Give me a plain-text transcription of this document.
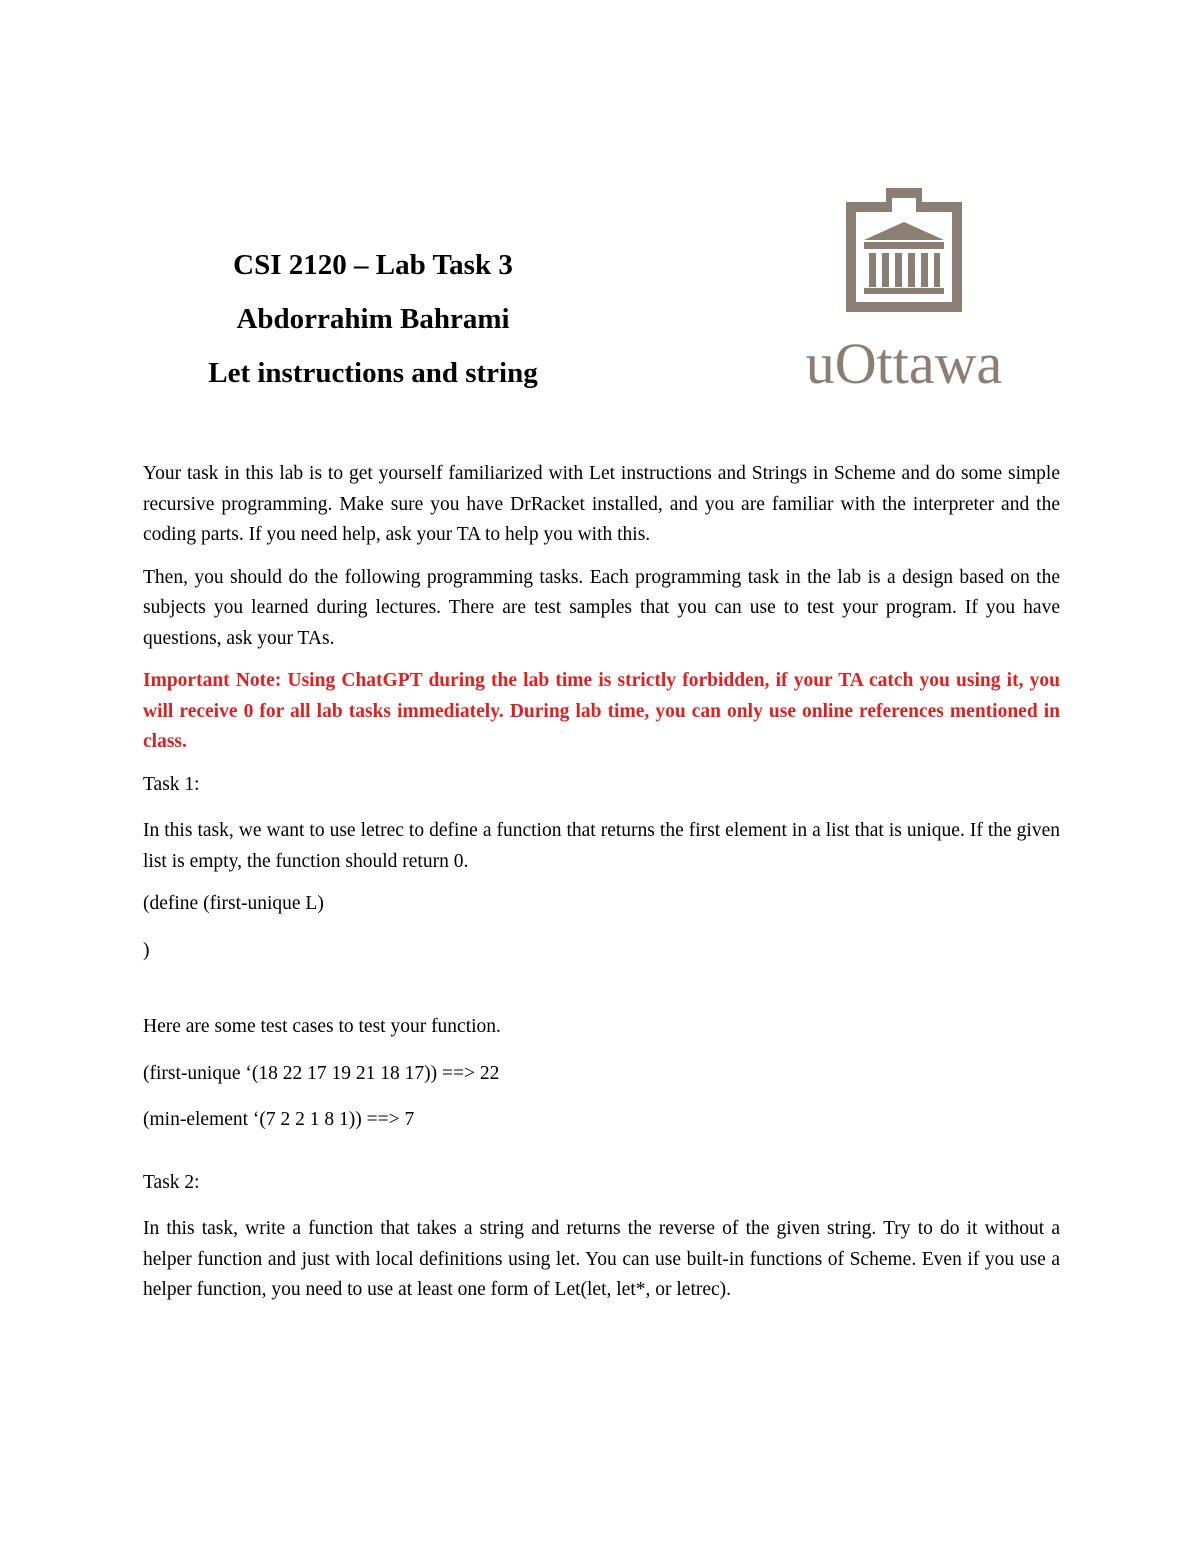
CSI 2120 – Lab Task 3
Abdorrahim Bahrami
Let instructions and string	uOttawa

Your task in this lab is to get yourself familiarized with Let instructions and Strings in Scheme and do some simple recursive programming. Make sure you have DrRacket installed, and you are familiar with the interpreter and the coding parts. If you need help, ask your TA to help you with this.

Then, you should do the following programming tasks. Each programming task in the lab is a design based on the subjects you learned during lectures. There are test samples that you can use to test your program. If you have questions, ask your TAs.

Important Note: Using ChatGPT during the lab time is strictly forbidden, if your TA catch you using it, you will receive 0 for all lab tasks immediately. During lab time, you can only use online references mentioned in class.

Task 1:

In this task, we want to use letrec to define a function that returns the first element in a list that is unique. If the given list is empty, the function should return 0.

(define (first-unique L)
)
Here are some test cases to test your function.
(first-unique ‘(18 22 17 19 21 18 17)) ==> 22
(min-element ‘(7 2 2 1 8 1)) ==> 7
Task 2:

In this task, write a function that takes a string and returns the reverse of the given string. Try to do it without a helper function and just with local definitions using let. You can use built-in functions of Scheme. Even if you use a helper function, you need to use at least one form of Let(let, let*, or letrec).
